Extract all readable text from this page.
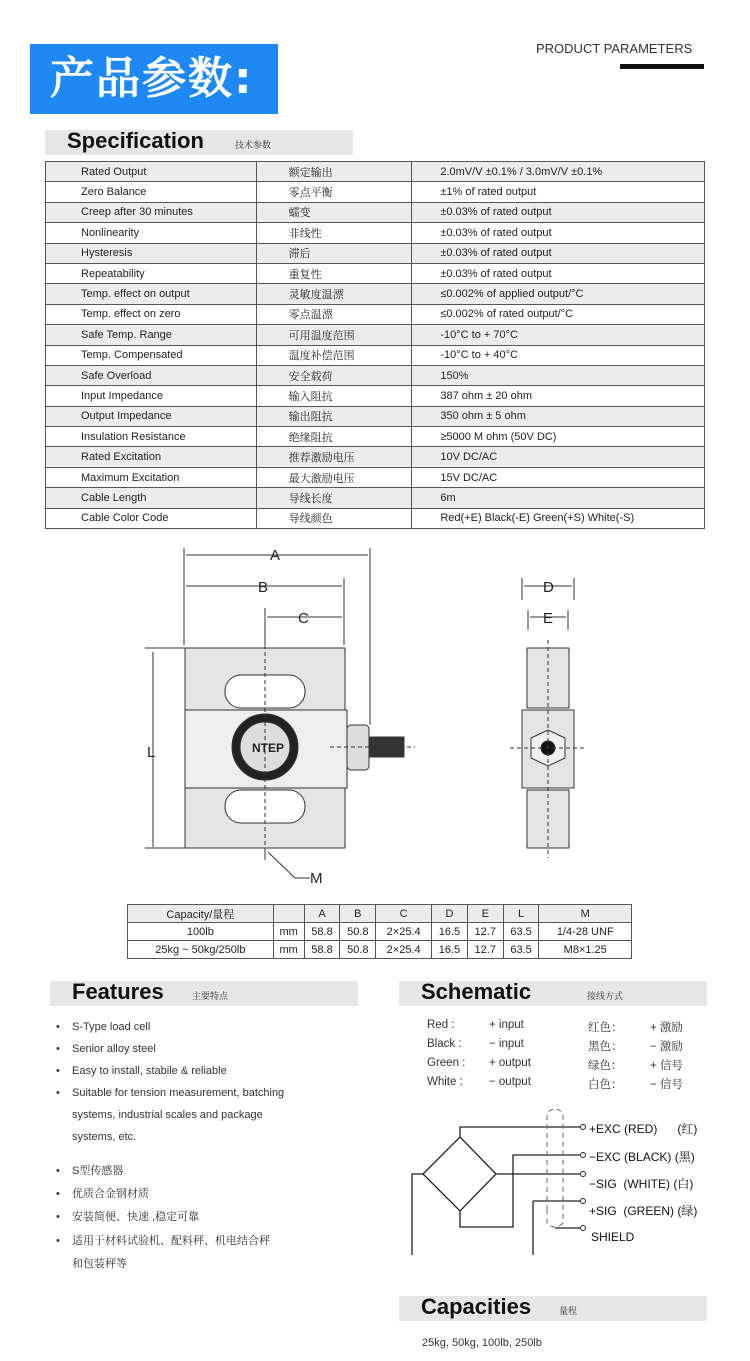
产品参数:
PRODUCT PARAMETERS
Specification	技术参数
Rated Output	额定输出	2.0mV/V ±0.1% / 3.0mV/V ±0.1%
Zero Balance	零点平衡	±1% of rated output
Creep after 30 minutes	蠕变	±0.03% of rated output
Nonlinearity	非线性	±0.03% of rated output
Hysteresis	滞后	±0.03% of rated output
Repeatability	重复性	±0.03% of rated output
Temp. effect on output	灵敏度温漂	≤0.002% of applied output/°C
Temp. effect on zero	零点温漂	≤0.002% of rated output/°C
Safe Temp. Range	可用温度范围	-10°C to + 70°C
Temp. Compensated	温度补偿范围	-10°C to + 40°C
Safe Overload	安全载荷	150%
Input Impedance	输入阻抗	387 ohm ± 20 ohm
Output Impedance	输出阻抗	350 ohm ± 5 ohm
Insulation Resistance	绝缘阻抗	≥5000 M ohm (50V DC)
Rated Excitation	推荐激励电压	10V DC/AC
Maximum Excitation	最大激励电压	15V DC/AC
Cable Length	导线长度	6m
Cable Color Code	导线颜色	Red(+E) Black(-E) Green(+S) White(-S)
A
B
C
L
M
D
E
NTEP
Capacity/量程		A	B	C	D	E	L	M
100lb	mm	58.8	50.8	2×25.4	16.5	12.7	63.5	1/4-28 UNF
25kg ~ 50kg/250lb	mm	58.8	50.8	2×25.4	16.5	12.7	63.5	M8×1.25
Features	主要特点
• S-Type load cell
• Senior alloy steel
• Easy to install, stabile & reliable
• Suitable for tension measurement, batching
systems, industrial scales and package
systems, etc.
• S型传感器
• 优质合金钢材质
• 安装简便、快速 ,稳定可靠
• 适用于材料试验机、配料秤、机电结合秤
和包装秤等
Schematic	接线方式
Red :	+ input	红色： + 激励
Black : − input	黑色： − 激励
Green : + output	绿色： + 信号
White : − output	白色： − 信号
+EXC (RED)      (红)
−EXC (BLACK) (黑)
−SIG  (WHITE) (白)
+SIG  (GREEN) (绿)
SHIELD
Capacities	量程
25kg, 50kg, 100lb, 250lb
